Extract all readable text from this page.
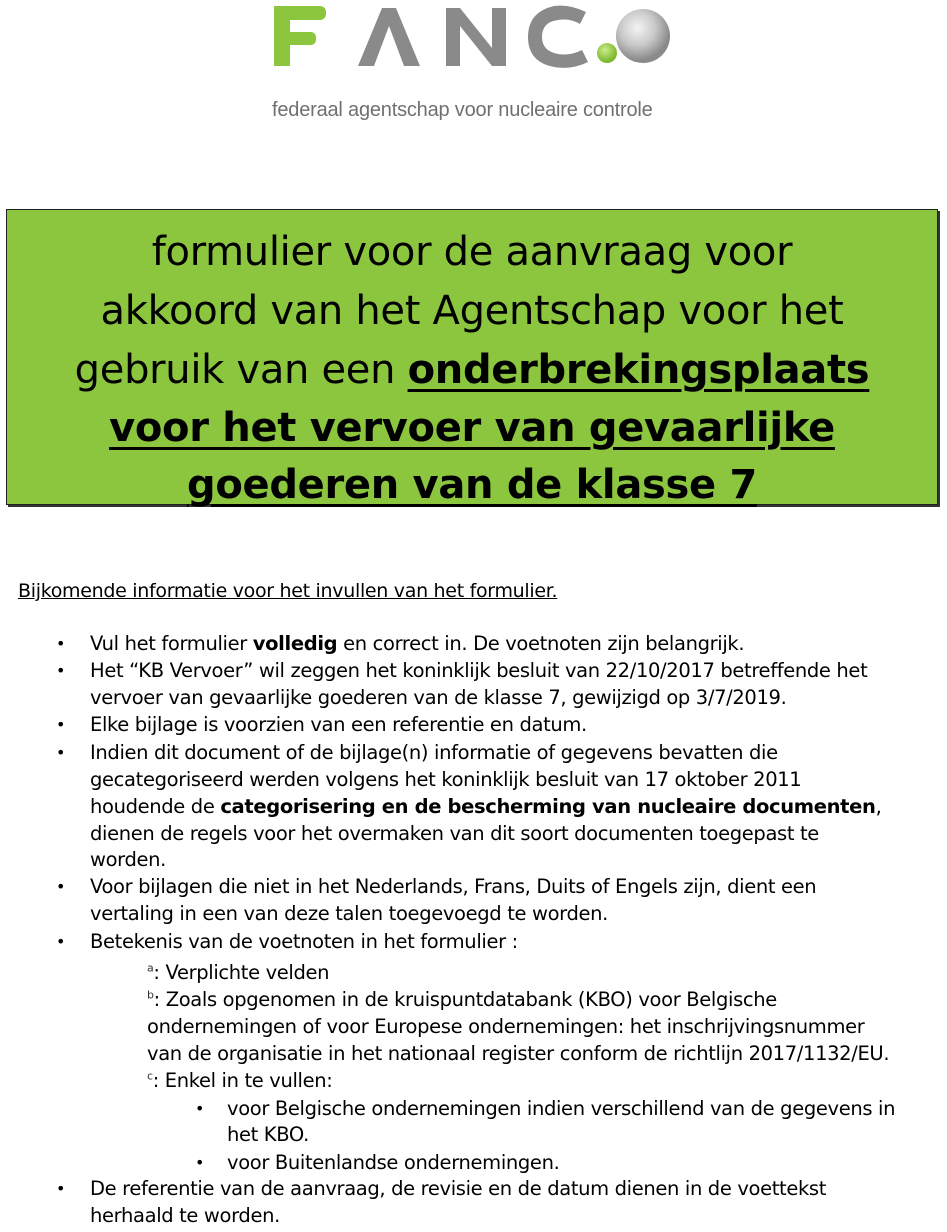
federaal agentschap voor nucleaire controle
formulier voor de aanvraag voor
akkoord van het Agentschap voor het
gebruik van een onderbrekingsplaats
voor het vervoer van gevaarlijke
goederen van de klasse 7
Bijkomende informatie voor het invullen van het formulier.
• Vul het formulier volledig en correct in. De voetnoten zijn belangrijk.
• Het “KB Vervoer” wil zeggen het koninklijk besluit van 22/10/2017 betreffende het
vervoer van gevaarlijke goederen van de klasse 7, gewijzigd op 3/7/2019.
• Elke bijlage is voorzien van een referentie en datum.
• Indien dit document of de bijlage(n) informatie of gegevens bevatten die
gecategoriseerd werden volgens het koninklijk besluit van 17 oktober 2011
houdende de categorisering en de bescherming van nucleaire documenten,
dienen de regels voor het overmaken van dit soort documenten toegepast te
worden.
• Voor bijlagen die niet in het Nederlands, Frans, Duits of Engels zijn, dient een
vertaling in een van deze talen toegevoegd te worden.
• Betekenis van de voetnoten in het formulier :
$^a$: Verplichte velden
$^b$: Zoals opgenomen in de kruispuntdatabank (KBO) voor Belgische
ondernemingen of voor Europese ondernemingen: het inschrijvingsnummer
van de organisatie in het nationaal register conform de richtlijn 2017/1132/EU.
$^c$: Enkel in te vullen:
• voor Belgische ondernemingen indien verschillend van de gegevens in
het KBO.
• voor Buitenlandse ondernemingen.
• De referentie van de aanvraag, de revisie en de datum dienen in de voettekst
herhaald te worden.
